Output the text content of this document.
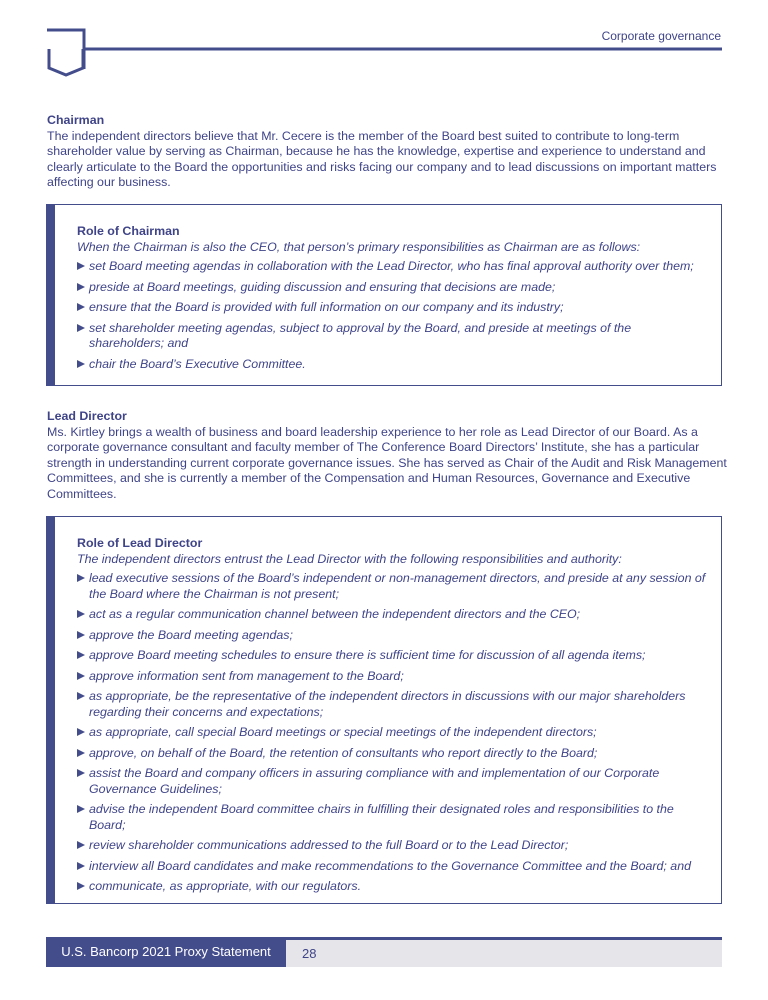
Corporate governance
Chairman

The independent directors believe that Mr. Cecere is the member of the Board best suited to contribute to long-term shareholder value by serving as Chairman, because he has the knowledge, expertise and experience to understand and clearly articulate to the Board the opportunities and risks facing our company and to lead discussions on important matters affecting our business.

Role of Chairman

When the Chairman is also the CEO, that person’s primary responsibilities as Chairman are as follows:

set Board meeting agendas in collaboration with the Lead Director, who has final approval authority over them;
preside at Board meetings, guiding discussion and ensuring that decisions are made;
ensure that the Board is provided with full information on our company and its industry;
set shareholder meeting agendas, subject to approval by the Board, and preside at meetings of the shareholders; and
chair the Board’s Executive Committee.
Lead Director

Ms. Kirtley brings a wealth of business and board leadership experience to her role as Lead Director of our Board. As a corporate governance consultant and faculty member of The Conference Board Directors’ Institute, she has a particular strength in understanding current corporate governance issues. She has served as Chair of the Audit and Risk Management Committees, and she is currently a member of the Compensation and Human Resources, Governance and Executive Committees.

Role of Lead Director

The independent directors entrust the Lead Director with the following responsibilities and authority:

lead executive sessions of the Board’s independent or non-management directors, and preside at any session of the Board where the Chairman is not present;
act as a regular communication channel between the independent directors and the CEO;
approve the Board meeting agendas;
approve Board meeting schedules to ensure there is sufficient time for discussion of all agenda items;
approve information sent from management to the Board;
as appropriate, be the representative of the independent directors in discussions with our major shareholders regarding their concerns and expectations;
as appropriate, call special Board meetings or special meetings of the independent directors;
approve, on behalf of the Board, the retention of consultants who report directly to the Board;
assist the Board and company officers in assuring compliance with and implementation of our Corporate Governance Guidelines;
advise the independent Board committee chairs in fulfilling their designated roles and responsibilities to the Board;
review shareholder communications addressed to the full Board or to the Lead Director;
interview all Board candidates and make recommendations to the Governance Committee and the Board; and
communicate, as appropriate, with our regulators.
U.S. Bancorp 2021 Proxy Statement	28
